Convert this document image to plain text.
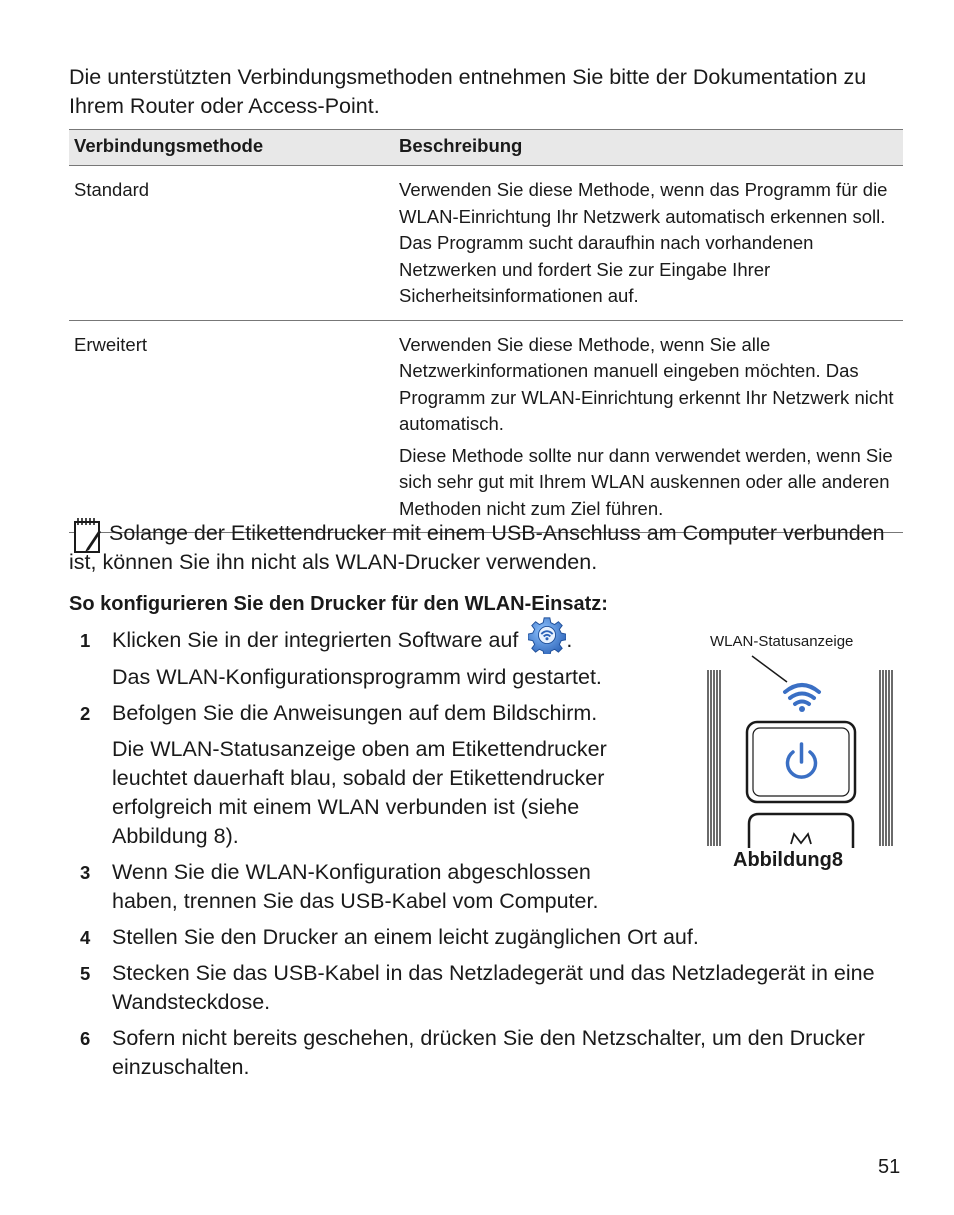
Die unterstützten Verbindungsmethoden entnehmen Sie bitte der Dokumentation zu Ihrem Router oder Access-Point.
Verbindungsmethode	Beschreibung
Standard	Verwenden Sie diese Methode, wenn das Programm für die WLAN-Einrichtung Ihr Netzwerk automatisch erkennen soll. Das Programm sucht daraufhin nach vorhandenen Netzwerken und fordert Sie zur Eingabe Ihrer Sicherheitsinformationen auf.

Erweitert	Verwenden Sie diese Methode, wenn Sie alle Netzwerkinformationen manuell eingeben möchten. Das Programm zur WLAN-Einrichtung erkennt Ihr Netzwerk nicht automatisch.

Diese Methode sollte nur dann verwendet werden, wenn Sie sich sehr gut mit Ihrem WLAN auskennen oder alle anderen Methoden nicht zum Ziel führen.

Solange der Etikettendrucker mit einem USB-Anschluss am Computer verbunden ist, können Sie ihn nicht als WLAN-Drucker verwenden.
So konfigurieren Sie den Drucker für den WLAN-Einsatz:
1 Klicken Sie in der integrierten Software auf .
Das WLAN-Konfigurationsprogramm wird gestartet.
2 Befolgen Sie die Anweisungen auf dem Bildschirm.
Die WLAN-Statusanzeige oben am Etikettendrucker leuchtet dauerhaft blau, sobald der Etikettendrucker erfolgreich mit einem WLAN verbunden ist (siehe Abbildung 8).
3 Wenn Sie die WLAN-Konfiguration abgeschlossen haben, trennen Sie das USB-Kabel vom Computer.
4 Stellen Sie den Drucker an einem leicht zugänglichen Ort auf.
5 Stecken Sie das USB-Kabel in das Netzladegerät und das Netzladegerät in eine Wandsteckdose.
6 Sofern nicht bereits geschehen, drücken Sie den Netzschalter, um den Drucker einzuschalten.
WLAN-Statusanzeige
Abbildung8
51
